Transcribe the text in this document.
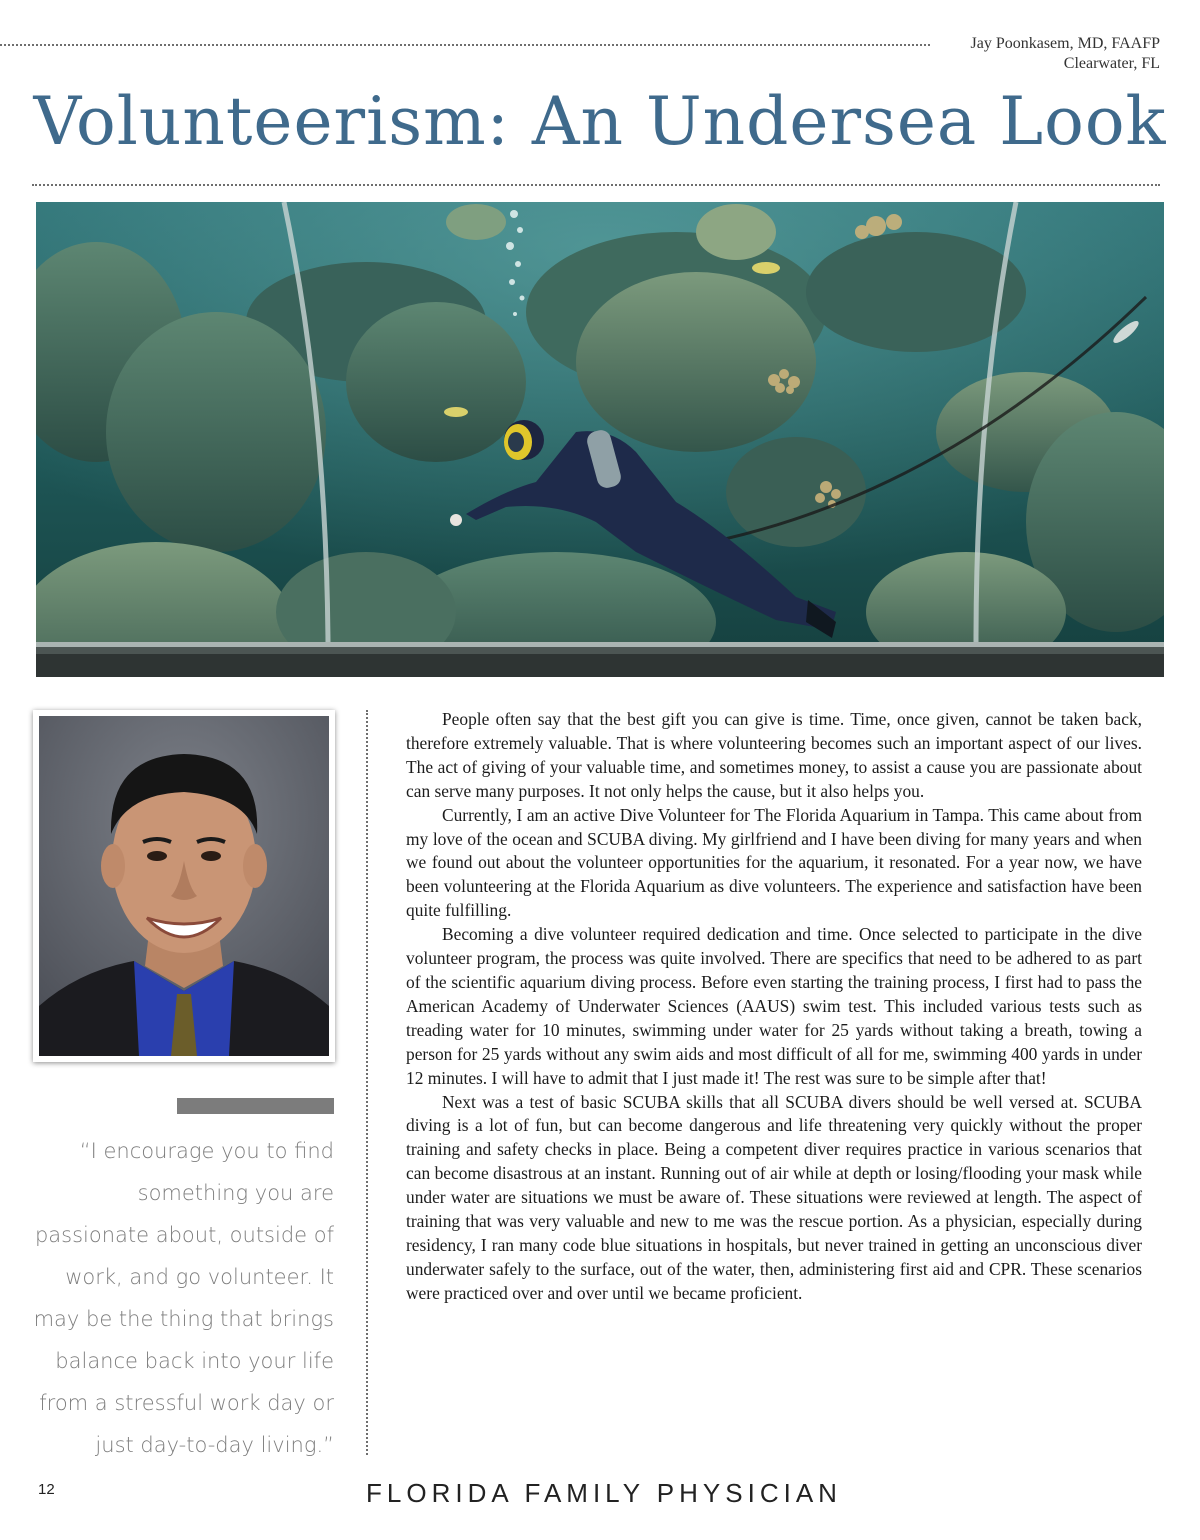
Jay Poonkasem, MD, FAAFP
Clearwater, FL
Volunteerism: An Undersea Look

“I encourage you to find something you are passionate about, outside of work, and go volunteer. It may be the thing that brings balance back into your life from a stressful work day or just day-to-day living.”

People often say that the best gift you can give is time. Time, once given, cannot be taken back, therefore extremely valuable. That is where volunteering becomes such an important aspect of our lives. The act of giving of your valuable time, and sometimes money, to assist a cause you are passionate about can serve many purposes. It not only helps the cause, but it also helps you.

Currently, I am an active Dive Volunteer for The Florida Aquarium in Tampa. This came about from my love of the ocean and SCUBA diving. My girlfriend and I have been diving for many years and when we found out about the volunteer opportunities for the aquarium, it resonated. For a year now, we have been volunteering at the Florida Aquarium as dive volunteers. The experience and satisfaction have been quite fulfilling.

Becoming a dive volunteer required dedication and time. Once selected to participate in the dive volunteer program, the process was quite involved. There are specifics that need to be adhered to as part of the scientific aquarium diving process. Before even starting the training process, I first had to pass the American Academy of Underwater Sciences (AAUS) swim test. This included various tests such as treading water for 10 minutes, swimming under water for 25 yards without taking a breath, towing a person for 25 yards without any swim aids and most difficult of all for me, swimming 400 yards in under 12 minutes. I will have to admit that I just made it! The rest was sure to be simple after that!

Next was a test of basic SCUBA skills that all SCUBA divers should be well versed at. SCUBA diving is a lot of fun, but can become dangerous and life threatening very quickly without the proper training and safety checks in place. Being a competent diver requires practice in various scenarios that can become disastrous at an instant. Running out of air while at depth or losing/flooding your mask while under water are situations we must be aware of. These situations were reviewed at length. The aspect of training that was very valuable and new to me was the rescue portion. As a physician, especially during residency, I ran many code blue situations in hospitals, but never trained in getting an unconscious diver underwater safely to the surface, out of the water, then, administering first aid and CPR. These scenarios were practiced over and over until we became proficient.

12	FLORIDA FAMILY PHYSICIAN
